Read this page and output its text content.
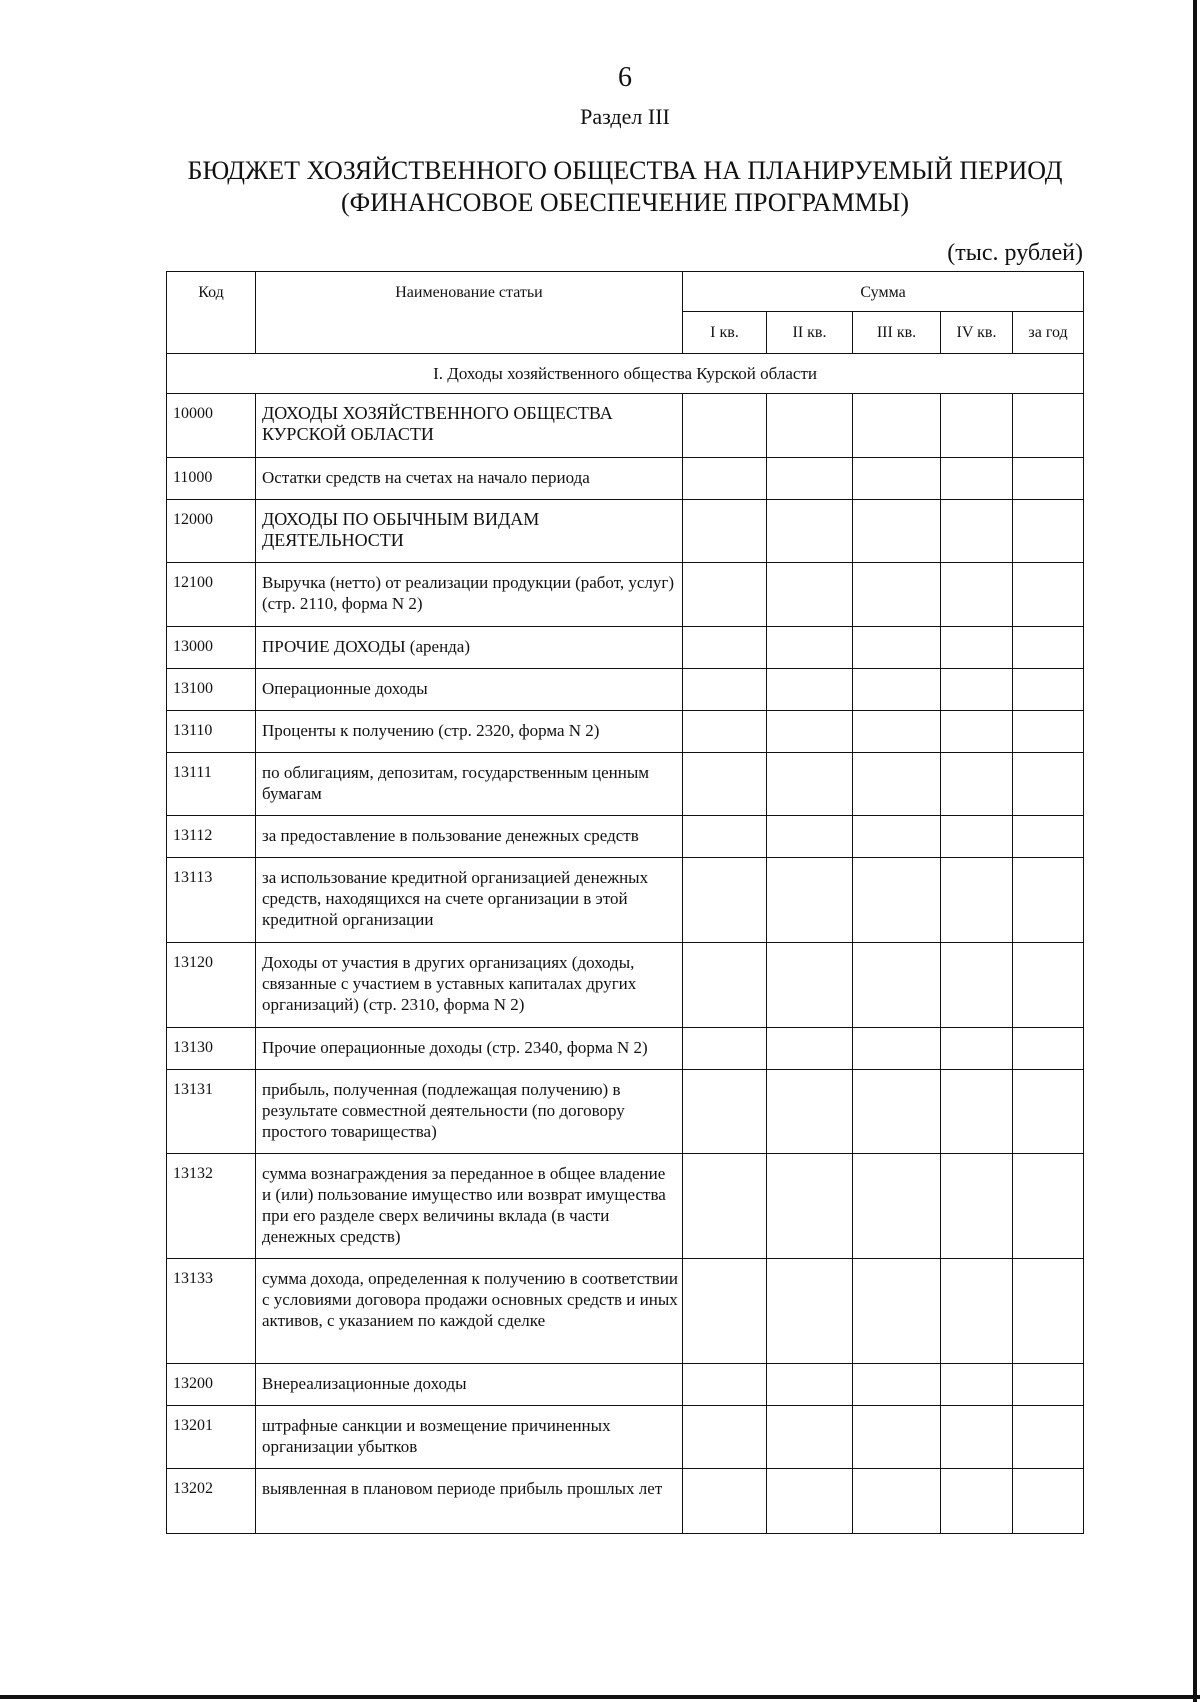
6
Раздел III
БЮДЖЕТ ХОЗЯЙСТВЕННОГО ОБЩЕСТВА НА ПЛАНИРУЕМЫЙ ПЕРИОД
(ФИНАНСОВОЕ ОБЕСПЕЧЕНИЕ ПРОГРАММЫ)
(тыс. рублей)
Код	Наименование статьи	Сумма				
		I кв.	II кв.	III кв.	IV кв.	за год
I. Доходы хозяйственного общества Курской области						
10000	ДОХОДЫ ХОЗЯЙСТВЕННОГО ОБЩЕСТВА КУРСКОЙ ОБЛАСТИ					
11000	Остатки средств на счетах на начало периода					
12000	ДОХОДЫ ПО ОБЫЧНЫМ ВИДАМ ДЕЯТЕЛЬНОСТИ					
12100	Выручка (нетто) от реализации продукции (работ, услуг) (стр. 2110, форма N 2)					
13000	ПРОЧИЕ ДОХОДЫ (аренда)					
13100	Операционные доходы					
13110	Проценты к получению (стр. 2320, форма N 2)					
13111	по облигациям, депозитам, государственным ценным бумагам					
13112	за предоставление в пользование денежных средств					
13113	за использование кредитной организацией денежных средств, находящихся на счете организации в этой кредитной организации					
13120	Доходы от участия в других организациях (доходы, связанные с участием в уставных капиталах других организаций) (стр. 2310, форма N 2)					
13130	Прочие операционные доходы (стр. 2340, форма N 2)					
13131	прибыль, полученная (подлежащая получению) в результате совместной деятельности (по договору простого товарищества)					
13132	сумма вознаграждения за переданное в общее владение и (или) пользование имущество или возврат имущества при его разделе сверх величины вклада (в части денежных средств)					
13133	сумма дохода, определенная к получению в соответствии с условиями договора продажи основных средств и иных активов, с указанием по каждой сделке					
13200	Внереализационные доходы					
13201	штрафные санкции и возмещение причиненных организации убытков					
13202	выявленная в плановом периоде прибыль прошлых лет					
